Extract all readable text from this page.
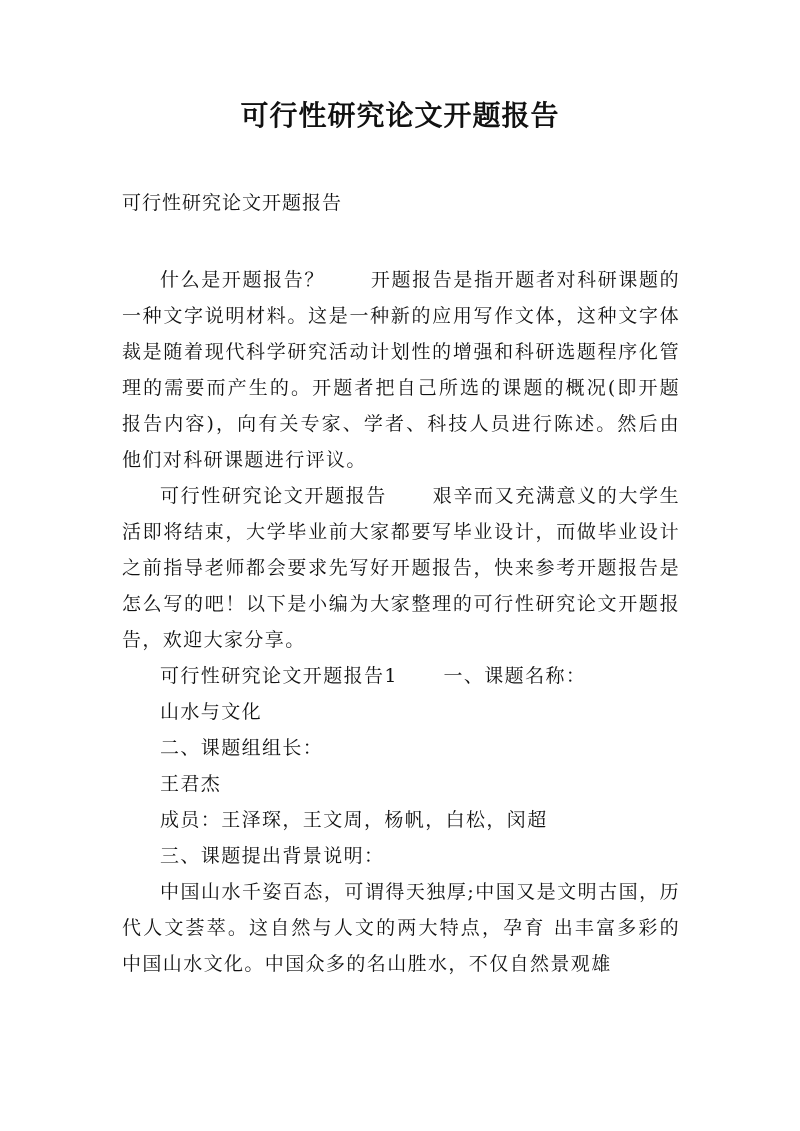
可行性研究论文开题报告
可行性研究论文开题报告

什么是开题报告？ 开题报告是指开题者对科研课题的一种文字说明材料。这是一种新的应用写作文体，这种文字体裁是随着现代科学研究活动计划性的增强和科研选题程序化管理的需要而产生的。开题者把自己所选的课题的概况(即开题报告内容)，向有关专家、学者、科技人员进行陈述。然后由他们对科研课题进行评议。

可行性研究论文开题报告 艰辛而又充满意义的大学生活即将结束，大学毕业前大家都要写毕业设计，而做毕业设计之前指导老师都会要求先写好开题报告，快来参考开题报告是怎么写的吧！以下是小编为大家整理的可行性研究论文开题报告，欢迎大家分享。

可行性研究论文开题报告1 一、课题名称：

山水与文化

二、课题组组长：

王君杰

成员：王泽琛，王文周，杨帆，白松，闵超

三、课题提出背景说明：

中国山水千姿百态，可谓得天独厚;中国又是文明古国，历代人文荟萃。这自然与人文的两大特点，孕育 出丰富多彩的中国山水文化。中国众多的名山胜水，不仅自然景观雄
